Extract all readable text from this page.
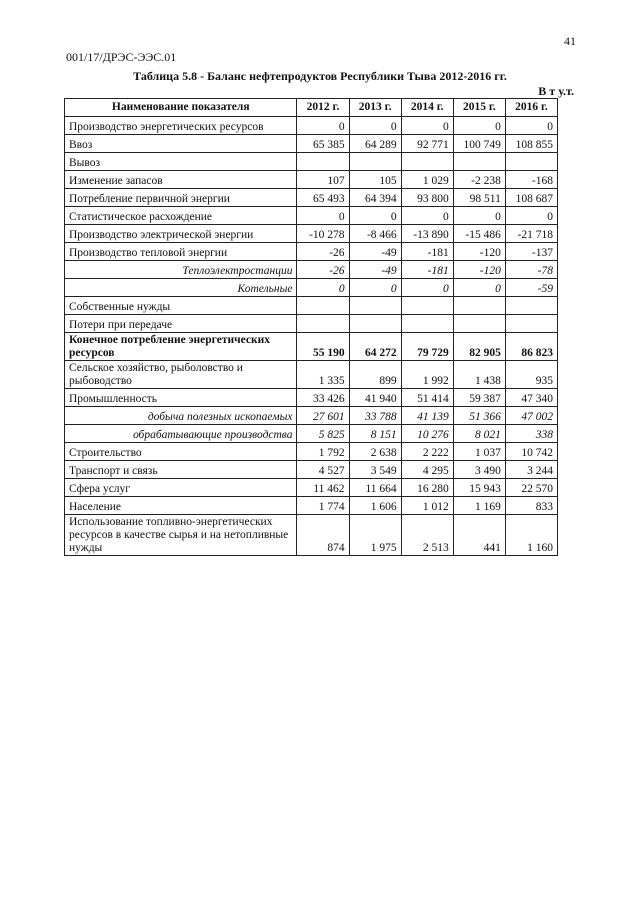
41
001/17/ДРЭС-ЭЭС.01
Таблица 5.8 - Баланс нефтепродуктов Республики Тыва 2012-2016 гг.
В т у.т.
Наименование показателя	2012 г.	2013 г.	2014 г.	2015 г.	2016 г.
Производство энергетических ресурсов	0	0	0	0	0
Ввоз	65 385	64 289	92 771	100 749	108 855
Вывоз					
Изменение запасов	107	105	1 029	-2 238	-168
Потребление первичной энергии	65 493	64 394	93 800	98 511	108 687
Статистическое расхождение	0	0	0	0	0
Производство электрической энергии	-10 278	-8 466	-13 890	-15 486	-21 718
Производство тепловой энергии	-26	-49	-181	-120	-137
Теплоэлектростанции	-26	-49	-181	-120	-78
Котельные	0	0	0	0	-59
Собственные нужды					
Потери при передаче					
Конечное потребление энергетических ресурсов	55 190	64 272	79 729	82 905	86 823
Сельское хозяйство, рыболовство и рыбоводство	1 335	899	1 992	1 438	935
Промышленность	33 426	41 940	51 414	59 387	47 340
добыча полезных ископаемых	27 601	33 788	41 139	51 366	47 002
обрабатывающие производства	5 825	8 151	10 276	8 021	338
Строительство	1 792	2 638	2 222	1 037	10 742
Транспорт и связь	4 527	3 549	4 295	3 490	3 244
Сфера услуг	11 462	11 664	16 280	15 943	22 570
Население	1 774	1 606	1 012	1 169	833
Использование топливно-энергетических ресурсов в качестве сырья и на нетопливные нужды	874	1 975	2 513	441	1 160
